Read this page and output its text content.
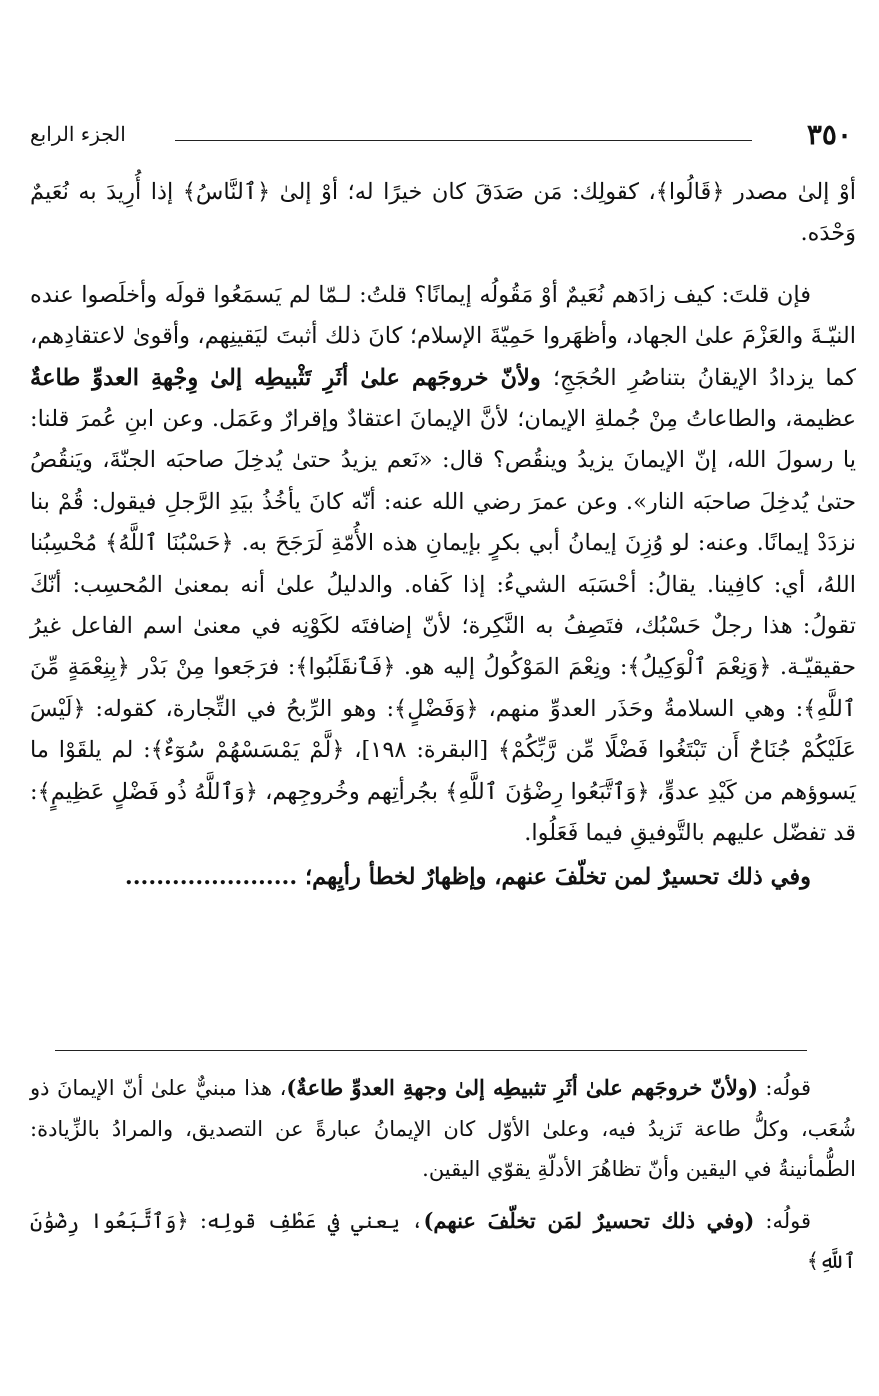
٣٥٠
الجزء الرابع

أوْ إلىٰ مصدر ﴿قَالُوا﴾، كقولِك: مَن صَدَقَ كان خيرًا له؛ أوْ إلىٰ ﴿ٱلنَّاسُ﴾ إذا أُرِيدَ به نُعَيمٌ وَحْدَه.

فإن قلتَ: كيف زادَهم نُعَيمٌ أوْ مَقُولُه إيمانًا؟ قلتُ: لـمّا لم يَسمَعُوا قولَه وأخلَصوا عنده النيّـةَ والعَزْمَ علىٰ الجهاد، وأظهَروا حَمِيّةَ الإسلام؛ كانَ ذلك أثبتَ ليَقينِهم، وأقوىٰ لاعتقادِهم، كما يزدادُ الإيقانُ بتناصُرِ الحُجَجِ؛ ولأنّ خروجَهم علىٰ أثَرِ تَثْبيطِه إلىٰ وِجْهةِ العدوِّ طاعةٌ عظيمة، والطاعاتُ مِنْ جُملةِ الإيمان؛ لأنَّ الإيمانَ اعتقادٌ وإقرارٌ وعَمَل. وعن ابنِ عُمرَ قلنا: يا رسولَ الله، إنّ الإيمانَ يزيدُ وينقُص؟ قال: «نَعم يزيدُ حتىٰ يُدخِلَ صاحبَه الجنّةَ، ويَنقُصُ حتىٰ يُدخِلَ صاحبَه النار». وعن عمرَ رضي الله عنه: أنّه كانَ يأخُذُ بيَدِ الرَّجلِ فيقول: قُمْ بنا نزدَدْ إيمانًا. وعنه: لو وُزِنَ إيمانُ أبي بكرٍ بإيمانِ هذه الأُمّةِ لَرَجَحَ به. ﴿حَسْبُنَا ٱللَّهُ﴾ مُحْسِبُنا اللهُ، أي: كافِينا. يقالُ: أحْسَبَه الشيءُ: إذا كَفاه. والدليلُ علىٰ أنه بمعنىٰ المُحسِب: أنّكَ تقولُ: هذا رجلٌ حَسْبُك، فتَصِفُ به النَّكِرة؛ لأنّ إضافتَه لكَوْنِه في معنىٰ اسم الفاعل غيرُ حقيقيّـة. ﴿وَنِعْمَ ٱلْوَكِيلُ﴾: ونِعْمَ المَوْكُولُ إليه هو. ﴿فَٱنقَلَبُوا﴾: فرَجَعوا مِنْ بَدْر ﴿بِنِعْمَةٍ مِّنَ ٱللَّهِ﴾: وهي السلامةُ وحَذَر العدوِّ منهم، ﴿وَفَضْلٍ﴾: وهو الرِّبحُ في التِّجارة، كقوله: ﴿لَيْسَ عَلَيْكُمْ جُنَاحٌ أَن تَبْتَغُوا فَضْلًا مِّن رَّبِّكُمْ﴾ [البقرة: ١٩٨]، ﴿لَّمْ يَمْسَسْهُمْ سُوٓءٌ﴾: لم يلقَوْا ما يَسوؤهم من كَيْدِ عدوٍّ، ﴿وَٱتَّبَعُوا رِضْوَٰنَ ٱللَّهِ﴾ بجُرأتِهم وخُروجِهم، ﴿وَٱللَّهُ ذُو فَضْلٍ عَظِيمٍ﴾: قد تفضّل عليهم بالتَّوفيقِ فيما فَعَلُوا.

وفي ذلك تحسيرٌ لمن تخلّفَ عنهم، وإظهارٌ لخطأ رأيِهم؛ ......................

قولُه: (ولأنّ خروجَهم علىٰ أثَرِ تثبيطِه إلىٰ وجهةِ العدوِّ طاعةٌ)، هذا مبنيٌّ علىٰ أنّ الإيمانَ ذو شُعَب، وكلُّ طاعة تَزيدُ فيه، وعلىٰ الأوّل كان الإيمانُ عبارةً عن التصديق، والمرادُ بالزِّيادة: الطُّمأنينةُ في اليقين وأنّ تظاهُرَ الأدلّةِ يقوّي اليقين.

قولُه: (وفي ذلك تحسيرٌ لمَن تخلّفَ عنهم)، يعني في عَطْفِ قولِه: ﴿وَٱتَّبَعُوا رِضْوَٰنَ ٱللَّهِ﴾
